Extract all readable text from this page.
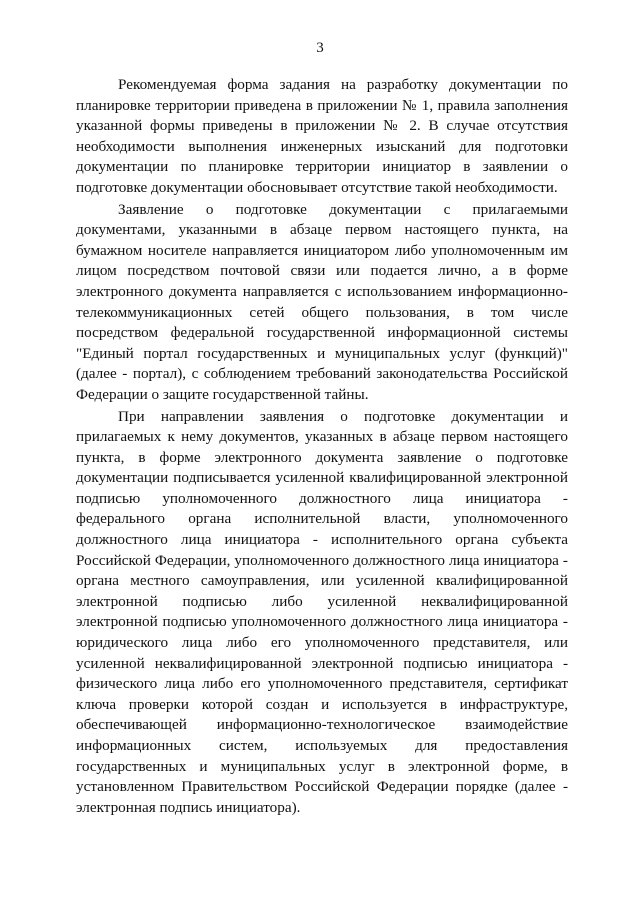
3

Рекомендуемая форма задания на разработку документации по планировке территории приведена в приложении № 1, правила заполнения указанной формы приведены в приложении № 2. В случае отсутствия необходимости выполнения инженерных изысканий для подготовки документации по планировке территории инициатор в заявлении о подготовке документации обосновывает отсутствие такой необходимости.

Заявление о подготовке документации с прилагаемыми документами, указанными в абзаце первом настоящего пункта, на бумажном носителе направляется инициатором либо уполномоченным им лицом посредством почтовой связи или подается лично, а в форме электронного документа направляется с использованием информационно-телекоммуникационных сетей общего пользования, в том числе посредством федеральной государственной информационной системы "Единый портал государственных и муниципальных услуг (функций)" (далее - портал), с соблюдением требований законодательства Российской Федерации о защите государственной тайны.

При направлении заявления о подготовке документации и прилагаемых к нему документов, указанных в абзаце первом настоящего пункта, в форме электронного документа заявление о подготовке документации подписывается усиленной квалифицированной электронной подписью уполномоченного должностного лица инициатора - федерального органа исполнительной власти, уполномоченного должностного лица инициатора - исполнительного органа субъекта Российской Федерации, уполномоченного должностного лица инициатора - органа местного самоуправления, или усиленной квалифицированной электронной подписью либо усиленной неквалифицированной электронной подписью уполномоченного должностного лица инициатора - юридического лица либо его уполномоченного представителя, или усиленной неквалифицированной электронной подписью инициатора - физического лица либо его уполномоченного представителя, сертификат ключа проверки которой создан и используется в инфраструктуре, обеспечивающей информационно-технологическое взаимодействие информационных систем, используемых для предоставления государственных и муниципальных услуг в электронной форме, в установленном Правительством Российской Федерации порядке (далее - электронная подпись инициатора).
